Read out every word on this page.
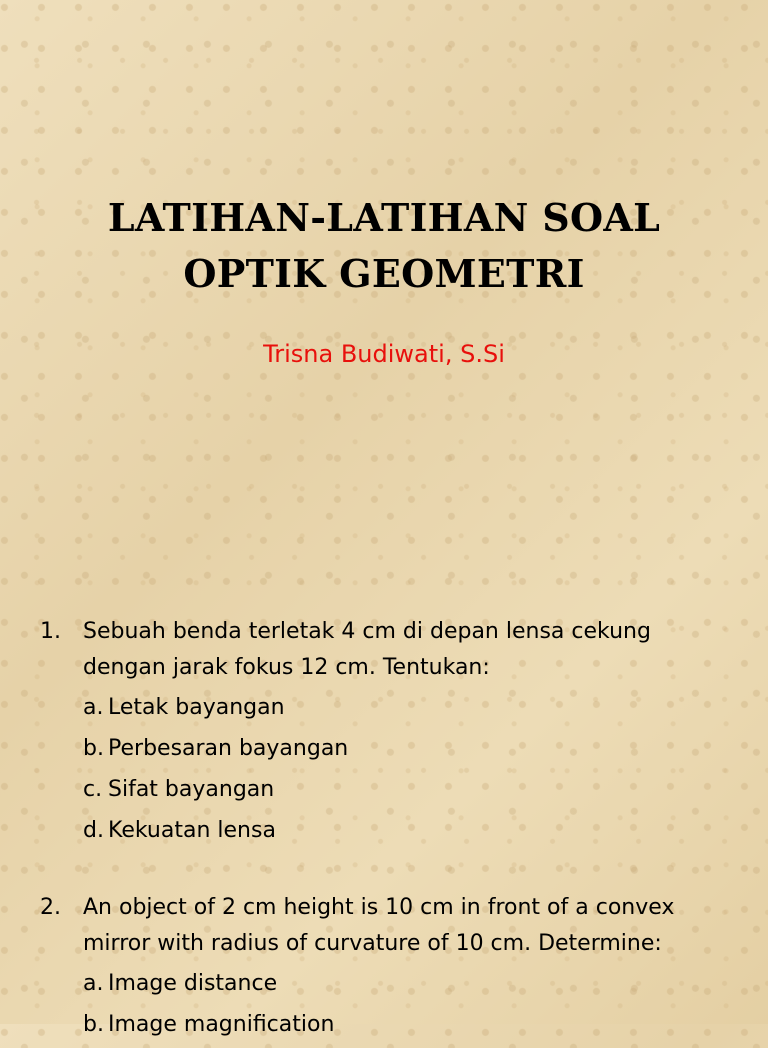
LATIHAN-LATIHAN SOAL
OPTIK GEOMETRI
Trisna Budiwati, S.Si
1.	Sebuah benda terletak 4 cm di depan lensa cekung dengan jarak fokus 12 cm. Tentukan:
a. Letak bayangan
b. Perbesaran bayangan
c. Sifat bayangan
d. Kekuatan lensa
2.	An object of 2 cm height is 10 cm in front of a convex mirror with radius of curvature of 10 cm. Determine:
a. Image distance
b. Image magnification
